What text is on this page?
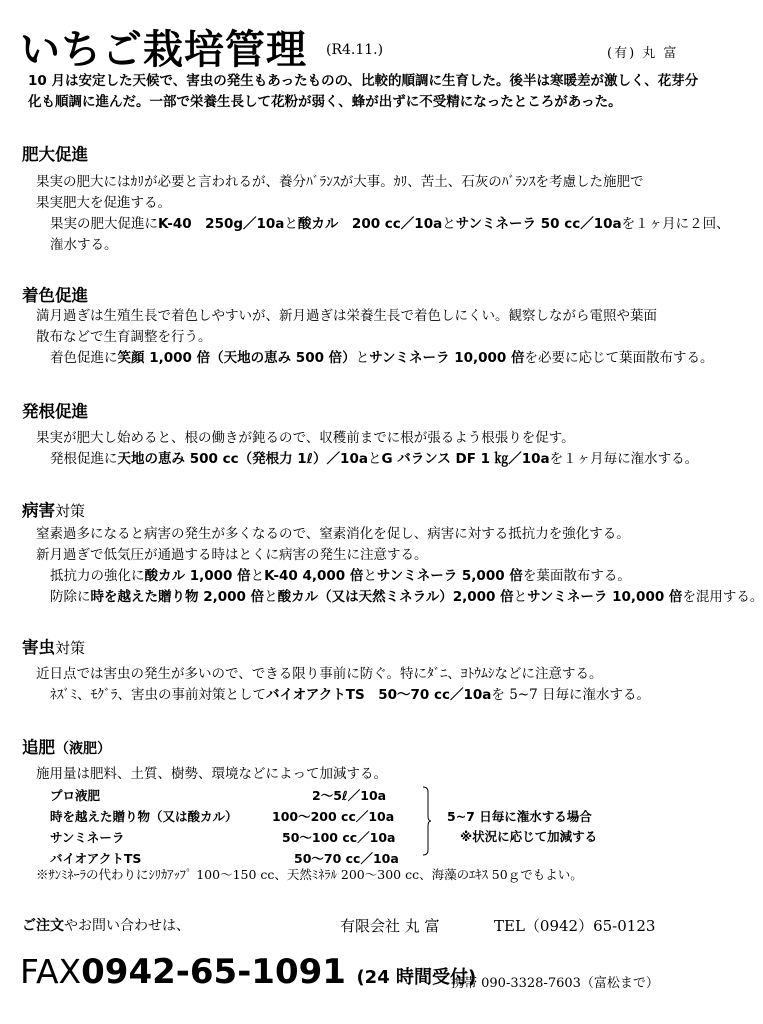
いちご栽培管理 (R4.11.)	(有) 丸 富
10 月は安定した天候で、害虫の発生もあったものの、比較的順調に生育した。後半は寒暖差が激しく、花芽分化も順調に進んだ。一部で栄養生長して花粉が弱く、蜂が出ずに不受精になったところがあった。
肥大促進
果実の肥大にはｶﾘが必要と言われるが、養分ﾊﾞﾗﾝｽが大事。ｶﾘ、苦土、石灰のﾊﾞﾗﾝｽを考慮した施肥で
果実肥大を促進する。
果実の肥大促進にK-40　250g／10aと酸カル　200 cc／10aとサンミネーラ 50 cc／10aを１ヶ月に２回、
潅水する。
着色促進
満月過ぎは生殖生長で着色しやすいが、新月過ぎは栄養生長で着色しにくい。観察しながら電照や葉面
散布などで生育調整を行う。
着色促進に笑顔 1,000 倍（天地の恵み 500 倍）とサンミネーラ 10,000 倍を必要に応じて葉面散布する。
発根促進
果実が肥大し始めると、根の働きが鈍るので、収穫前までに根が張るよう根張りを促す。
発根促進に天地の恵み 500 cc（発根力 1ℓ）／10aとG バランス DF 1 ㎏／10aを１ヶ月毎に潅水する。
病害対策
窒素過多になると病害の発生が多くなるので、窒素消化を促し、病害に対する抵抗力を強化する。
新月過ぎで低気圧が通過する時はとくに病害の発生に注意する。
抵抗力の強化に酸カル 1,000 倍とK-40 4,000 倍とサンミネーラ 5,000 倍を葉面散布する。
防除に時を越えた贈り物 2,000 倍と酸カル（又は天然ミネラル）2,000 倍とサンミネーラ 10,000 倍を混用する。
害虫対策
近日点では害虫の発生が多いので、できる限り事前に防ぐ。特にﾀﾞﾆ、ﾖﾄｳﾑｼなどに注意する。
ﾈｽﾞﾐ、ﾓｸﾞﾗ、害虫の事前対策としてバイオアクトTS　50～70 cc／10aを 5~7 日毎に潅水する。
追肥（液肥）
施用量は肥料、土質、樹勢、環境などによって加減する。
プロ液肥	2～5ℓ／10a
時を越えた贈り物（又は酸カル）	100～200 cc／10a
サンミネーラ	50～100 cc／10a
バイオアクトTS	50～70 cc／10a
5~7 日毎に潅水する場合
※状況に応じて加減する
※ｻﾝﾐﾈｰﾗの代わりにｼﾘｶｱｯﾌﾟ 100～150 cc、天然ﾐﾈﾗﾙ 200～300 cc、海藻のｴｷｽ 50ｇでもよい。
ご注文やお問い合わせは、	有限会社 丸 富	TEL（0942）65-0123
FAX0942-65-1091 (24 時間受付)
携帯 090-3328-7603（富松まで）
